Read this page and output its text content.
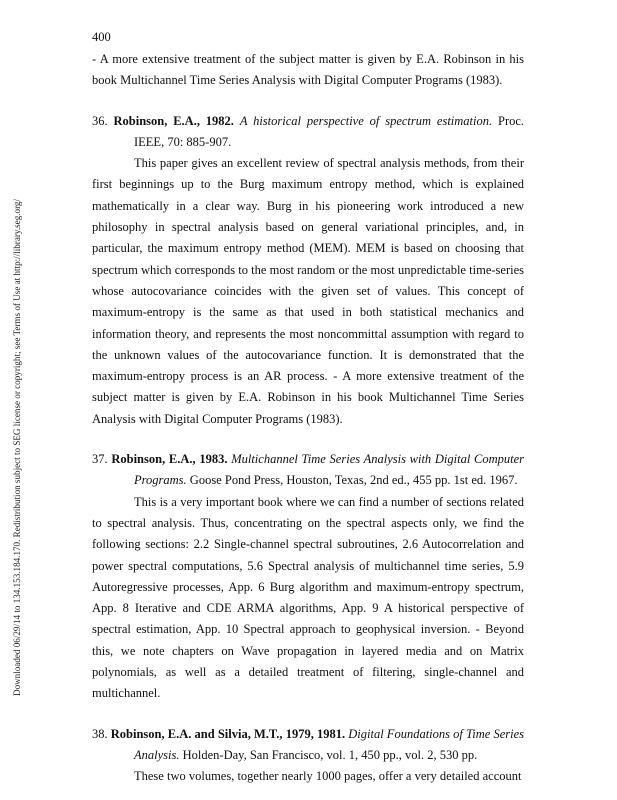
400
Downloaded 06/29/14 to 134.153.184.170. Redistribution subject to SEG license or copyright; see Terms of Use at http://library.seg.org/

- A more extensive treatment of the subject matter is given by E.A. Robinson in his book Multichannel Time Series Analysis with Digital Computer Programs (1983).

36. Robinson, E.A., 1982. A historical perspective of spectrum estimation. Proc. IEEE, 70: 885-907.

This paper gives an excellent review of spectral analysis methods, from their first beginnings up to the Burg maximum entropy method, which is explained mathematically in a clear way. Burg in his pioneering work introduced a new philosophy in spectral analysis based on general variational principles, and, in particular, the maximum entropy method (MEM). MEM is based on choosing that spectrum which corresponds to the most random or the most unpredictable time-series whose autocovariance coincides with the given set of values. This concept of maximum-entropy is the same as that used in both statistical mechanics and information theory, and represents the most noncommittal assumption with regard to the unknown values of the autocovariance function. It is demonstrated that the maximum-entropy process is an AR process. - A more extensive treatment of the subject matter is given by E.A. Robinson in his book Multichannel Time Series Analysis with Digital Computer Programs (1983).

37. Robinson, E.A., 1983. Multichannel Time Series Analysis with Digital Computer Programs. Goose Pond Press, Houston, Texas, 2nd ed., 455 pp. 1st ed. 1967.

This is a very important book where we can find a number of sections related to spectral analysis. Thus, concentrating on the spectral aspects only, we find the following sections: 2.2 Single-channel spectral subroutines, 2.6 Autocorrelation and power spectral computations, 5.6 Spectral analysis of multichannel time series, 5.9 Autoregressive processes, App. 6 Burg algorithm and maximum-entropy spectrum, App. 8 Iterative and CDE ARMA algorithms, App. 9 A historical perspective of spectral estimation, App. 10 Spectral approach to geophysical inversion. - Beyond this, we note chapters on Wave propagation in layered media and on Matrix polynomials, as well as a detailed treatment of filtering, single-channel and multichannel.

38. Robinson, E.A. and Silvia, M.T., 1979, 1981. Digital Foundations of Time Series Analysis. Holden-Day, San Francisco, vol. 1, 450 pp., vol. 2, 530 pp.

These two volumes, together nearly 1000 pages, offer a very detailed account
